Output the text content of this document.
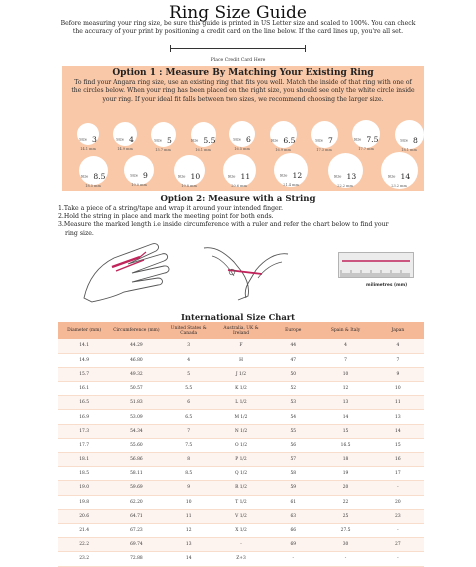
Ring Size Guide
Before measuring your ring size, be sure this guide is printed in US Letter size and scaled to 100%. You can check the accuracy of your print by positioning a credit card on the line below. If the card lines up, you're all set.
Place Credit Card Here
Option 1 : Measure By Matching Your Existing Ring
To find your Angara ring size, use an existing ring that fits you well. Match the inside of that ring with one of the circles below. When your ring has been placed on the right size, you should see only the white circle inside your ring. If your ideal fit falls between two sizes, we recommend choosing the larger size.
Size 3
14.1 mm
Size 4
14.9 mm
Size 5
15.7 mm
Size 5.5
16.1 mm
Size 6
16.5 mm
Size 6.5
16.9 mm
Size 7
17.3 mm
Size 7.5
17.7 mm
Size 8
18.1 mm
Size 8.5
18.5 mm
Size 9
19.0 mm
Size 10
19.8 mm
Size 11
20.6 mm
Size 12
21.4 mm
Size 13
22.2 mm
Size 14
23.2 mm
Option 2: Measure with a String
1.Take a piece of a string/tape and wrap it around your intended finger.
2.Hold the string in place and mark the meeting point for both ends.
3.Measure the marked length i.e inside circumference with a ruler and refer the chart below to find your
ring size.
milimetres (mm)
International Size Chart
Diameter (mm)	Circumference (mm)	United States & Canada	Australia, UK & Ireland	Europe	Spain & Italy	Japan
14.1	44.29	3	F	44	4	4
14.9	46.80	4	H	47	7	7
15.7	49.32	5	J 1/2	50	10	9
16.1	50.57	5.5	K 1/2	52	12	10
16.5	51.83	6	L 1/2	53	13	11
16.9	53.09	6.5	M 1/2	54	14	13
17.3	54.34	7	N 1/2	55	15	14
17.7	55.60	7.5	O 1/2	56	16.5	15
18.1	56.86	8	P 1/2	57	18	16
18.5	58.11	8.5	Q 1/2	58	19	17
19.0	59.69	9	R 1/2	59	20	-
19.8	62.20	10	T 1/2	61	22	20
20.6	64.71	11	V 1/2	63	25	23
21.4	67.23	12	X 1/2	66	27.5	-
22.2	69.74	13	-	69	30	27
23.2	72.88	14	Z+3	-	-	-
